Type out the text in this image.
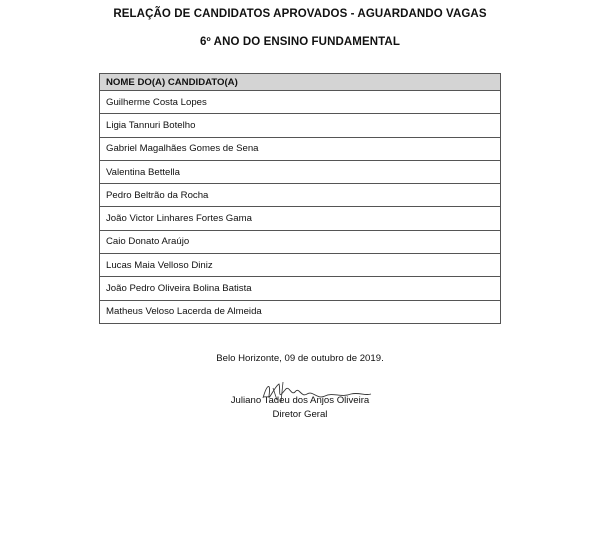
RELAÇÃO DE CANDIDATOS APROVADOS - AGUARDANDO VAGAS
6º ANO DO ENSINO FUNDAMENTAL
NOME DO(A) CANDIDATO(A)
Guilherme Costa Lopes
Ligia Tannuri Botelho
Gabriel Magalhães Gomes de Sena
Valentina Bettella
Pedro Beltrão da Rocha
João Victor Linhares Fortes Gama
Caio Donato Araújo
Lucas Maia Velloso Diniz
João Pedro Oliveira Bolina Batista
Matheus Veloso Lacerda de Almeida
Belo Horizonte, 09 de outubro de 2019.
Juliano Tadeu dos Anjos Oliveira
Diretor Geral
